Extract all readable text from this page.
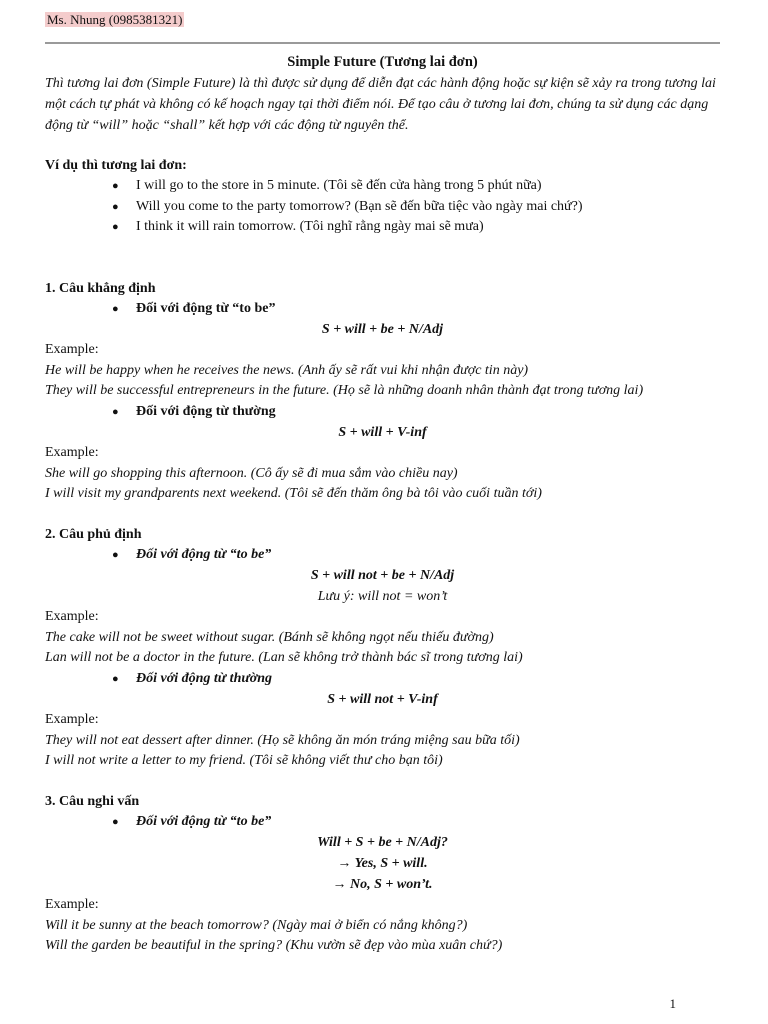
Ms. Nhung (0985381321)
Simple Future (Tương lai đơn)

Thì tương lai đơn (Simple Future) là thì được sử dụng để diễn đạt các hành động hoặc sự kiện sẽ xảy ra trong tương lai một cách tự phát và không có kế hoạch ngay tại thời điểm nói. Để tạo câu ở tương lai đơn, chúng ta sử dụng các dạng động từ “will” hoặc “shall” kết hợp với các động từ nguyên thể.

Ví dụ thì tương lai đơn:
● I will go to the store in 5 minute. (Tôi sẽ đến cửa hàng trong 5 phút nữa)
● Will you come to the party tomorrow? (Bạn sẽ đến bữa tiệc vào ngày mai chứ?)
● I think it will rain tomorrow. (Tôi nghĩ rằng ngày mai sẽ mưa)
1. Câu khẳng định
● Đối với động từ “to be”
S + will + be + N/Adj
Example:
He will be happy when he receives the news. (Anh ấy sẽ rất vui khi nhận được tin này)
They will be successful entrepreneurs in the future. (Họ sẽ là những doanh nhân thành đạt trong tương lai)
● Đối với động từ thường
S + will + V-inf
Example:
She will go shopping this afternoon. (Cô ấy sẽ đi mua sắm vào chiều nay)
I will visit my grandparents next weekend. (Tôi sẽ đến thăm ông bà tôi vào cuối tuần tới)
2. Câu phủ định
● Đối với động từ “to be”
S + will not + be + N/Adj
Lưu ý: will not = won’t
Example:
The cake will not be sweet without sugar. (Bánh sẽ không ngọt nếu thiếu đường)
Lan will not be a doctor in the future. (Lan sẽ không trở thành bác sĩ trong tương lai)
● Đối với động từ thường
S + will not + V-inf
Example:
They will not eat dessert after dinner. (Họ sẽ không ăn món tráng miệng sau bữa tối)
I will not write a letter to my friend. (Tôi sẽ không viết thư cho bạn tôi)
3. Câu nghi vấn
● Đối với động từ “to be”
Will + S + be + N/Adj?
→ Yes, S + will.
→ No, S + won’t.
Example:
Will it be sunny at the beach tomorrow? (Ngày mai ở biển có nắng không?)
Will the garden be beautiful in the spring? (Khu vườn sẽ đẹp vào mùa xuân chứ?)
1
